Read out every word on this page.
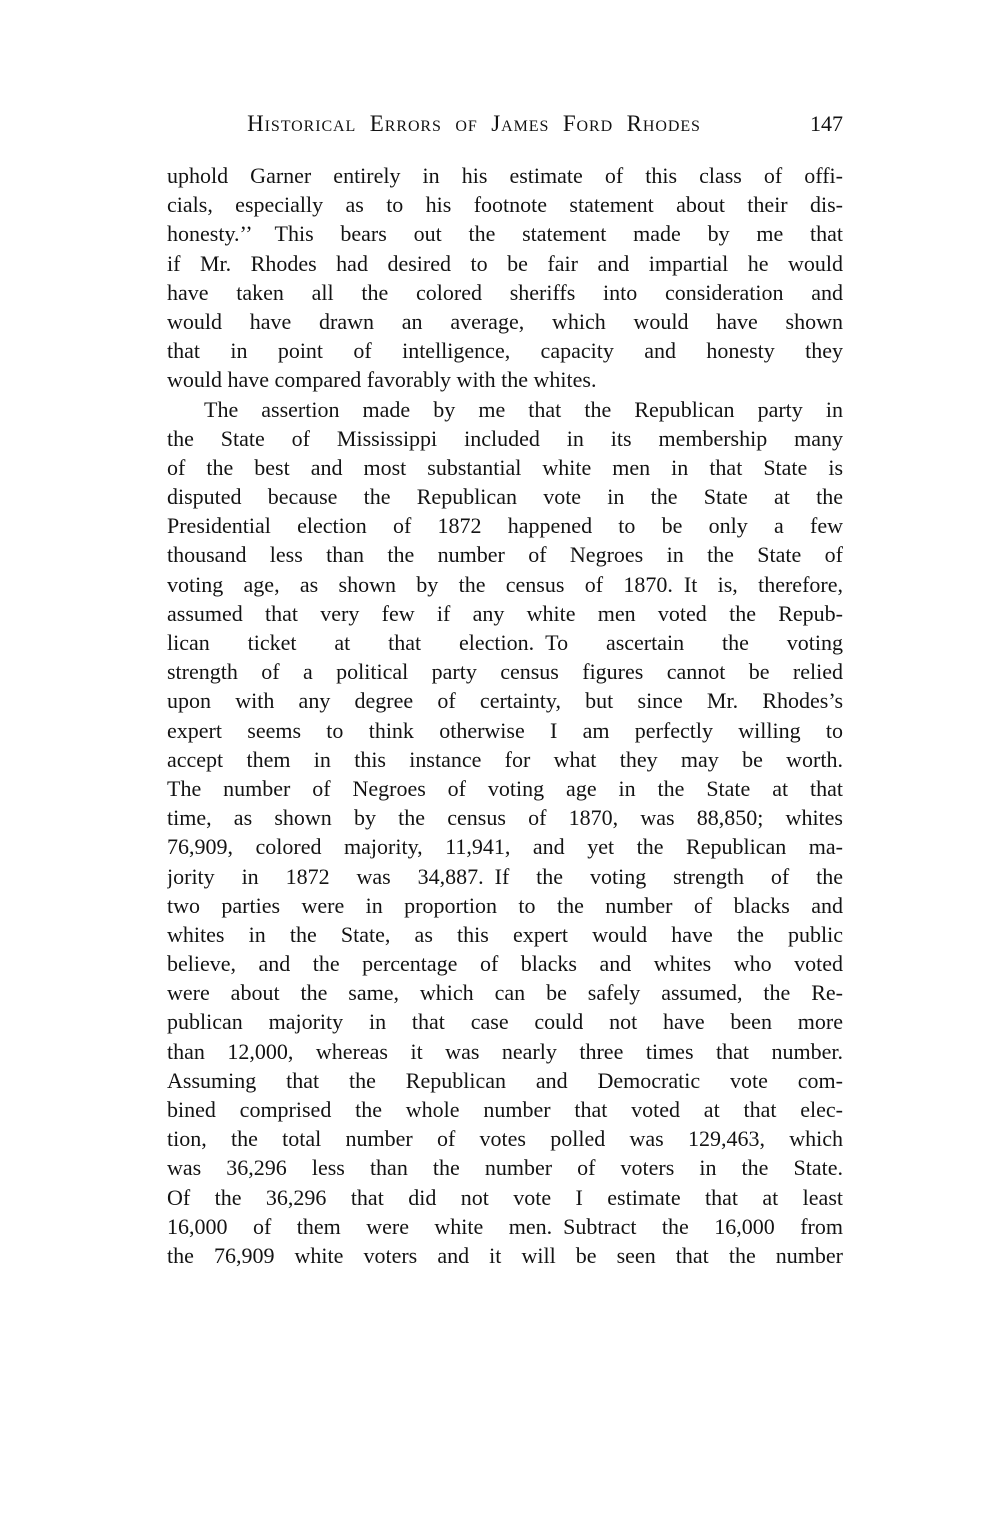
Historical Errors of James Ford Rhodes	147
uphold Garner entirely in his estimate of this class of offi-
cials, especially as to his footnote statement about their dis-
honesty.’’ This bears out the statement made by me that
if Mr. Rhodes had desired to be fair and impartial he would
have taken all the colored sheriffs into consideration and
would have drawn an average, which would have shown
that in point of intelligence, capacity and honesty they
would have compared favorably with the whites.
The assertion made by me that the Republican party in
the State of Mississippi included in its membership many
of the best and most substantial white men in that State is
disputed because the Republican vote in the State at the
Presidential election of 1872 happened to be only a few
thousand less than the number of Negroes in the State of
voting age, as shown by the census of 1870. It is, therefore,
assumed that very few if any white men voted the Repub-
lican ticket at that election. To ascertain the voting
strength of a political party census figures cannot be relied
upon with any degree of certainty, but since Mr. Rhodes’s
expert seems to think otherwise I am perfectly willing to
accept them in this instance for what they may be worth.
The number of Negroes of voting age in the State at that
time, as shown by the census of 1870, was 88,850; whites
76,909, colored majority, 11,941, and yet the Republican ma-
jority in 1872 was 34,887. If the voting strength of the
two parties were in proportion to the number of blacks and
whites in the State, as this expert would have the public
believe, and the percentage of blacks and whites who voted
were about the same, which can be safely assumed, the Re-
publican majority in that case could not have been more
than 12,000, whereas it was nearly three times that number.
Assuming that the Republican and Democratic vote com-
bined comprised the whole number that voted at that elec-
tion, the total number of votes polled was 129,463, which
was 36,296 less than the number of voters in the State.
Of the 36,296 that did not vote I estimate that at least
16,000 of them were white men. Subtract the 16,000 from
the 76,909 white voters and it will be seen that the number
